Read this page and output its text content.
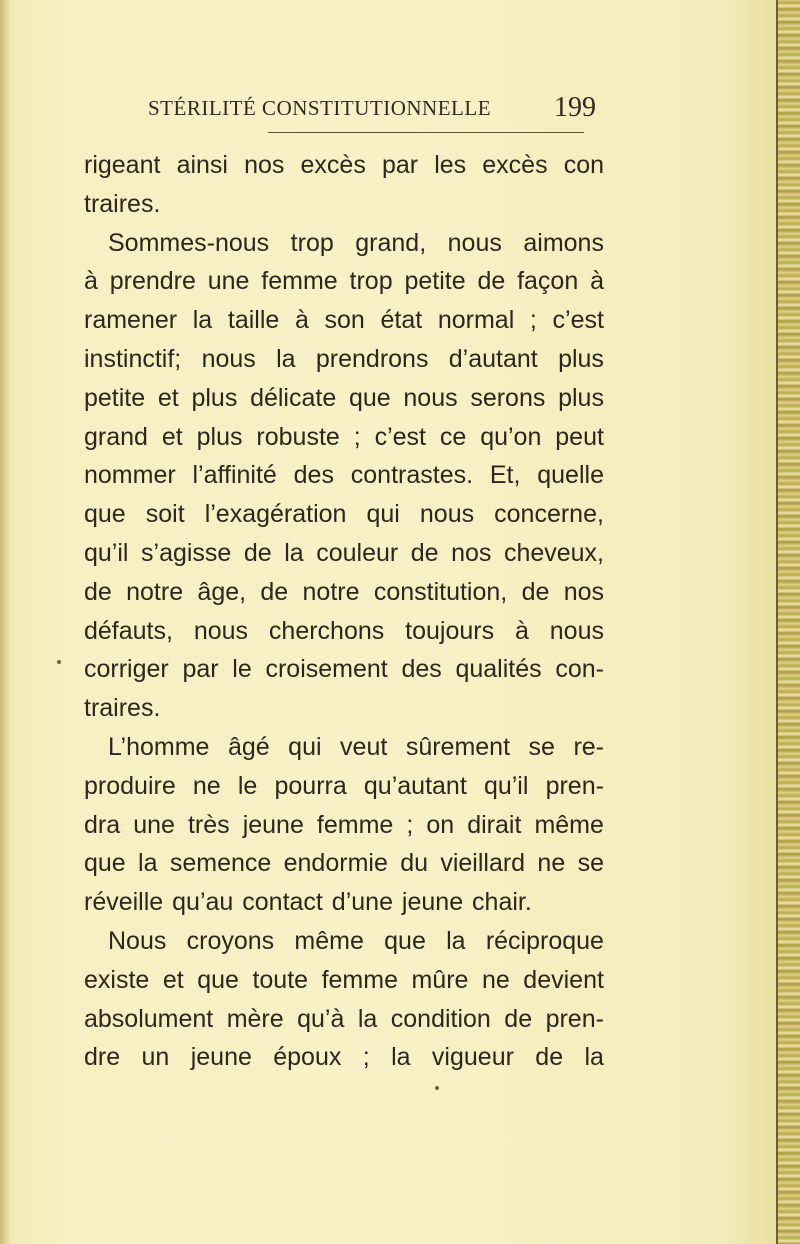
STÉRILITÉ CONSTITUTIONNELLE 199
rigeant ainsi nos excès par les excès con
traires.
Sommes-nous trop grand, nous aimons
à prendre une femme trop petite de façon à
ramener la taille à son état normal ; c’est
instinctif; nous la prendrons d’autant plus
petite et plus délicate que nous serons plus
grand et plus robuste ; c’est ce qu’on peut
nommer l’affinité des contrastes. Et, quelle
que soit l’exagération qui nous concerne,
qu’il s’agisse de la couleur de nos cheveux,
de notre âge, de notre constitution, de nos
défauts, nous cherchons toujours à nous
corriger par le croisement des qualités con-
traires.
L’homme âgé qui veut sûrement se re-
produire ne le pourra qu’autant qu’il pren-
dra une très jeune femme ; on dirait même
que la semence endormie du vieillard ne se
réveille qu’au contact d’une jeune chair.
Nous croyons même que la réciproque
existe et que toute femme mûre ne devient
absolument mère qu’à la condition de pren-
dre un jeune époux ; la vigueur de la
